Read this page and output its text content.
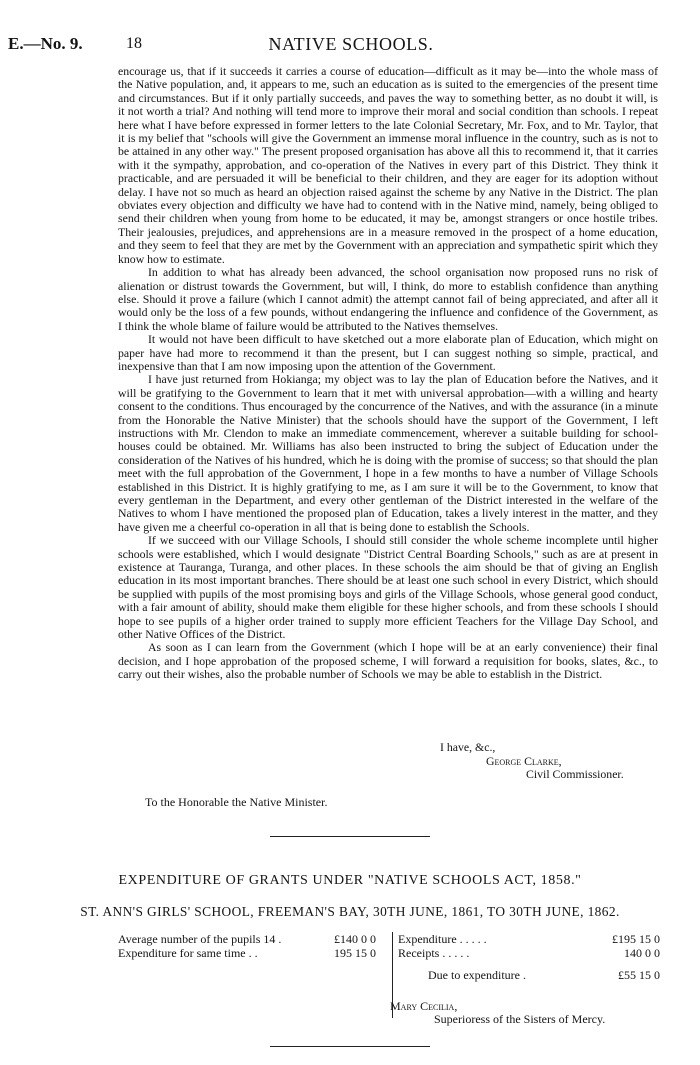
E.—No. 9.	18	NATIVE SCHOOLS.

encourage us, that if it succeeds it carries a course of education—difficult as it may be—into the whole mass of the Native population, and, it appears to me, such an education as is suited to the emergencies of the present time and circumstances. But if it only partially succeeds, and paves the way to something better, as no doubt it will, is it not worth a trial? And nothing will tend more to improve their moral and social condition than schools. I repeat here what I have before expressed in former letters to the late Colonial Secretary, Mr. Fox, and to Mr. Taylor, that it is my belief that "schools will give the Government an immense moral influence in the country, such as is not to be attained in any other way." The present proposed organisation has above all this to recommend it, that it carries with it the sympathy, approbation, and co-operation of the Natives in every part of this District. They think it practicable, and are persuaded it will be beneficial to their children, and they are eager for its adoption without delay. I have not so much as heard an objection raised against the scheme by any Native in the District. The plan obviates every objection and difficulty we have had to contend with in the Native mind, namely, being obliged to send their children when young from home to be educated, it may be, amongst strangers or once hostile tribes. Their jealousies, prejudices, and apprehensions are in a measure removed in the prospect of a home education, and they seem to feel that they are met by the Government with an appreciation and sympathetic spirit which they know how to estimate.

In addition to what has already been advanced, the school organisation now proposed runs no risk of alienation or distrust towards the Government, but will, I think, do more to establish confidence than anything else. Should it prove a failure (which I cannot admit) the attempt cannot fail of being appreciated, and after all it would only be the loss of a few pounds, without endangering the influence and confidence of the Government, as I think the whole blame of failure would be attributed to the Natives themselves.

It would not have been difficult to have sketched out a more elaborate plan of Education, which might on paper have had more to recommend it than the present, but I can suggest nothing so simple, practical, and inexpensive than that I am now imposing upon the attention of the Government.

I have just returned from Hokianga; my object was to lay the plan of Education before the Natives, and it will be gratifying to the Government to learn that it met with universal approbation—with a willing and hearty consent to the conditions. Thus encouraged by the concurrence of the Natives, and with the assurance (in a minute from the Honorable the Native Minister) that the schools should have the support of the Government, I left instructions with Mr. Clendon to make an immediate commencement, wherever a suitable building for school-houses could be obtained. Mr. Williams has also been instructed to bring the subject of Education under the consideration of the Natives of his hundred, which he is doing with the promise of success; so that should the plan meet with the full approbation of the Government, I hope in a few months to have a number of Village Schools established in this District. It is highly gratifying to me, as I am sure it will be to the Government, to know that every gentleman in the Department, and every other gentleman of the District interested in the welfare of the Natives to whom I have mentioned the proposed plan of Education, takes a lively interest in the matter, and they have given me a cheerful co-operation in all that is being done to establish the Schools.

If we succeed with our Village Schools, I should still consider the whole scheme incomplete until higher schools were established, which I would designate "District Central Boarding Schools," such as are at present in existence at Tauranga, Turanga, and other places. In these schools the aim should be that of giving an English education in its most important branches. There should be at least one such school in every District, which should be supplied with pupils of the most promising boys and girls of the Village Schools, whose general good conduct, with a fair amount of ability, should make them eligible for these higher schools, and from these schools I should hope to see pupils of a higher order trained to supply more efficient Teachers for the Village Day School, and other Native Offices of the District.

As soon as I can learn from the Government (which I hope will be at an early convenience) their final decision, and I hope approbation of the proposed scheme, I will forward a requisition for books, slates, &c., to carry out their wishes, also the probable number of Schools we may be able to establish in the District.

I have, &c.,
George Clarke,
Civil Commissioner.
To the Honorable the Native Minister.
EXPENDITURE OF GRANTS UNDER "NATIVE SCHOOLS ACT, 1858."
ST. ANN'S GIRLS' SCHOOL, FREEMAN'S BAY, 30TH JUNE, 1861, TO 30TH JUNE, 1862.
Average number of the pupils 14 .	£140 0 0
Expenditure for same time . .	195 15 0
Expenditure . . . . .	£195 15 0
Receipts . . . . .	140 0 0
Due to expenditure .	£55 15 0
Mary Cecilia,
Superioress of the Sisters of Mercy.
